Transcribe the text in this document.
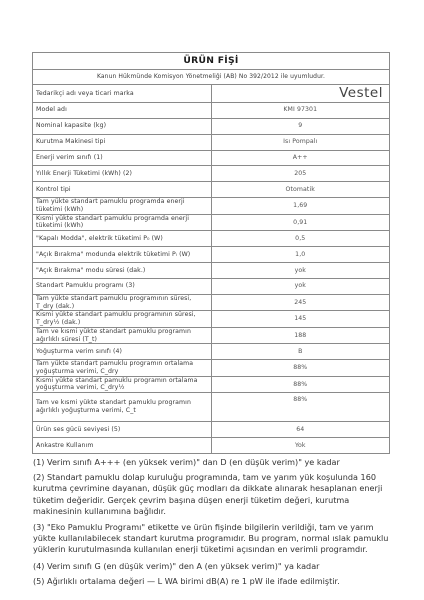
ÜRÜN FİŞİ	
Kanun Hükmünde Komisyon Yönetmeliği (AB) No 392/2012 ile uyumludur.	
Tedarikçi adı veya ticari marka	Vestel
Model adı	KMI 97301
Nominal kapasite (kg)	9
Kurutma Makinesi tipi	Isı Pompalı
Enerji verim sınıfı (1)	A++
Yıllık Enerji Tüketimi (kWh) (2)	205
Kontrol tipi	Otomatik
Tam yükte standart pamuklu programda enerji tüketimi (kWh)	1,69
Kısmi yükte standart pamuklu programda enerji tüketimi (kWh)	0,91
"Kapalı Modda", elektrik tüketimi P₀ (W)	0,5
"Açık Bırakma" modunda elektrik tüketimi Pₗ (W)	1,0
"Açık Bırakma" modu süresi (dak.)	yok
Standart Pamuklu programı (3)	yok
Tam yükte standart pamuklu programının süresi, T_dry (dak.)	245
Kısmi yükte standart pamuklu programının süresi, T_dry½ (dak.)	145
Tam ve kısmi yükte standart pamuklu programın ağırlıklı süresi (T_t)	188
Yoğuşturma verim sınıfı (4)	B
Tam yükte standart pamuklu programın ortalama yoğuşturma verimi, C_dry	88%
Kısmi yükte standart pamuklu programın ortalama yoğuşturma verimi, C_dry½	88%
Tam ve kısmi yükte standart pamuklu programın ağırlıklı yoğuşturma verimi, C_t	88%
Ürün ses gücü seviyesi (5)	64
Ankastre Kullanım	Yok

(1) Verim sınıfı A+++ (en yüksek verim)" dan D (en düşük verim)" ye kadar

(2) Standart pamuklu dolap kuruluğu programında, tam ve yarım yük koşulunda 160 kurutma çevrimine dayanan, düşük güç modları da dikkate alınarak hesaplanan enerji tüketim değeridir. Gerçek çevrim başına düşen enerji tüketim değeri, kurutma makinesinin kullanımına bağlıdır.

(3) "Eko Pamuklu Programı" etikette ve ürün fişinde bilgilerin verildiği, tam ve yarım yükte kullanılabilecek standart kurutma programıdır. Bu program, normal ıslak pamuklu yüklerin kurutulmasında kullanılan enerji tüketimi açısından en verimli programdır.

(4) Verim sınıfı G (en düşük verim)" den A (en yüksek verim)" ya kadar

(5) Ağırlıklı ortalama değeri — L WA birimi dB(A) re 1 pW ile ifade edilmiştir.
